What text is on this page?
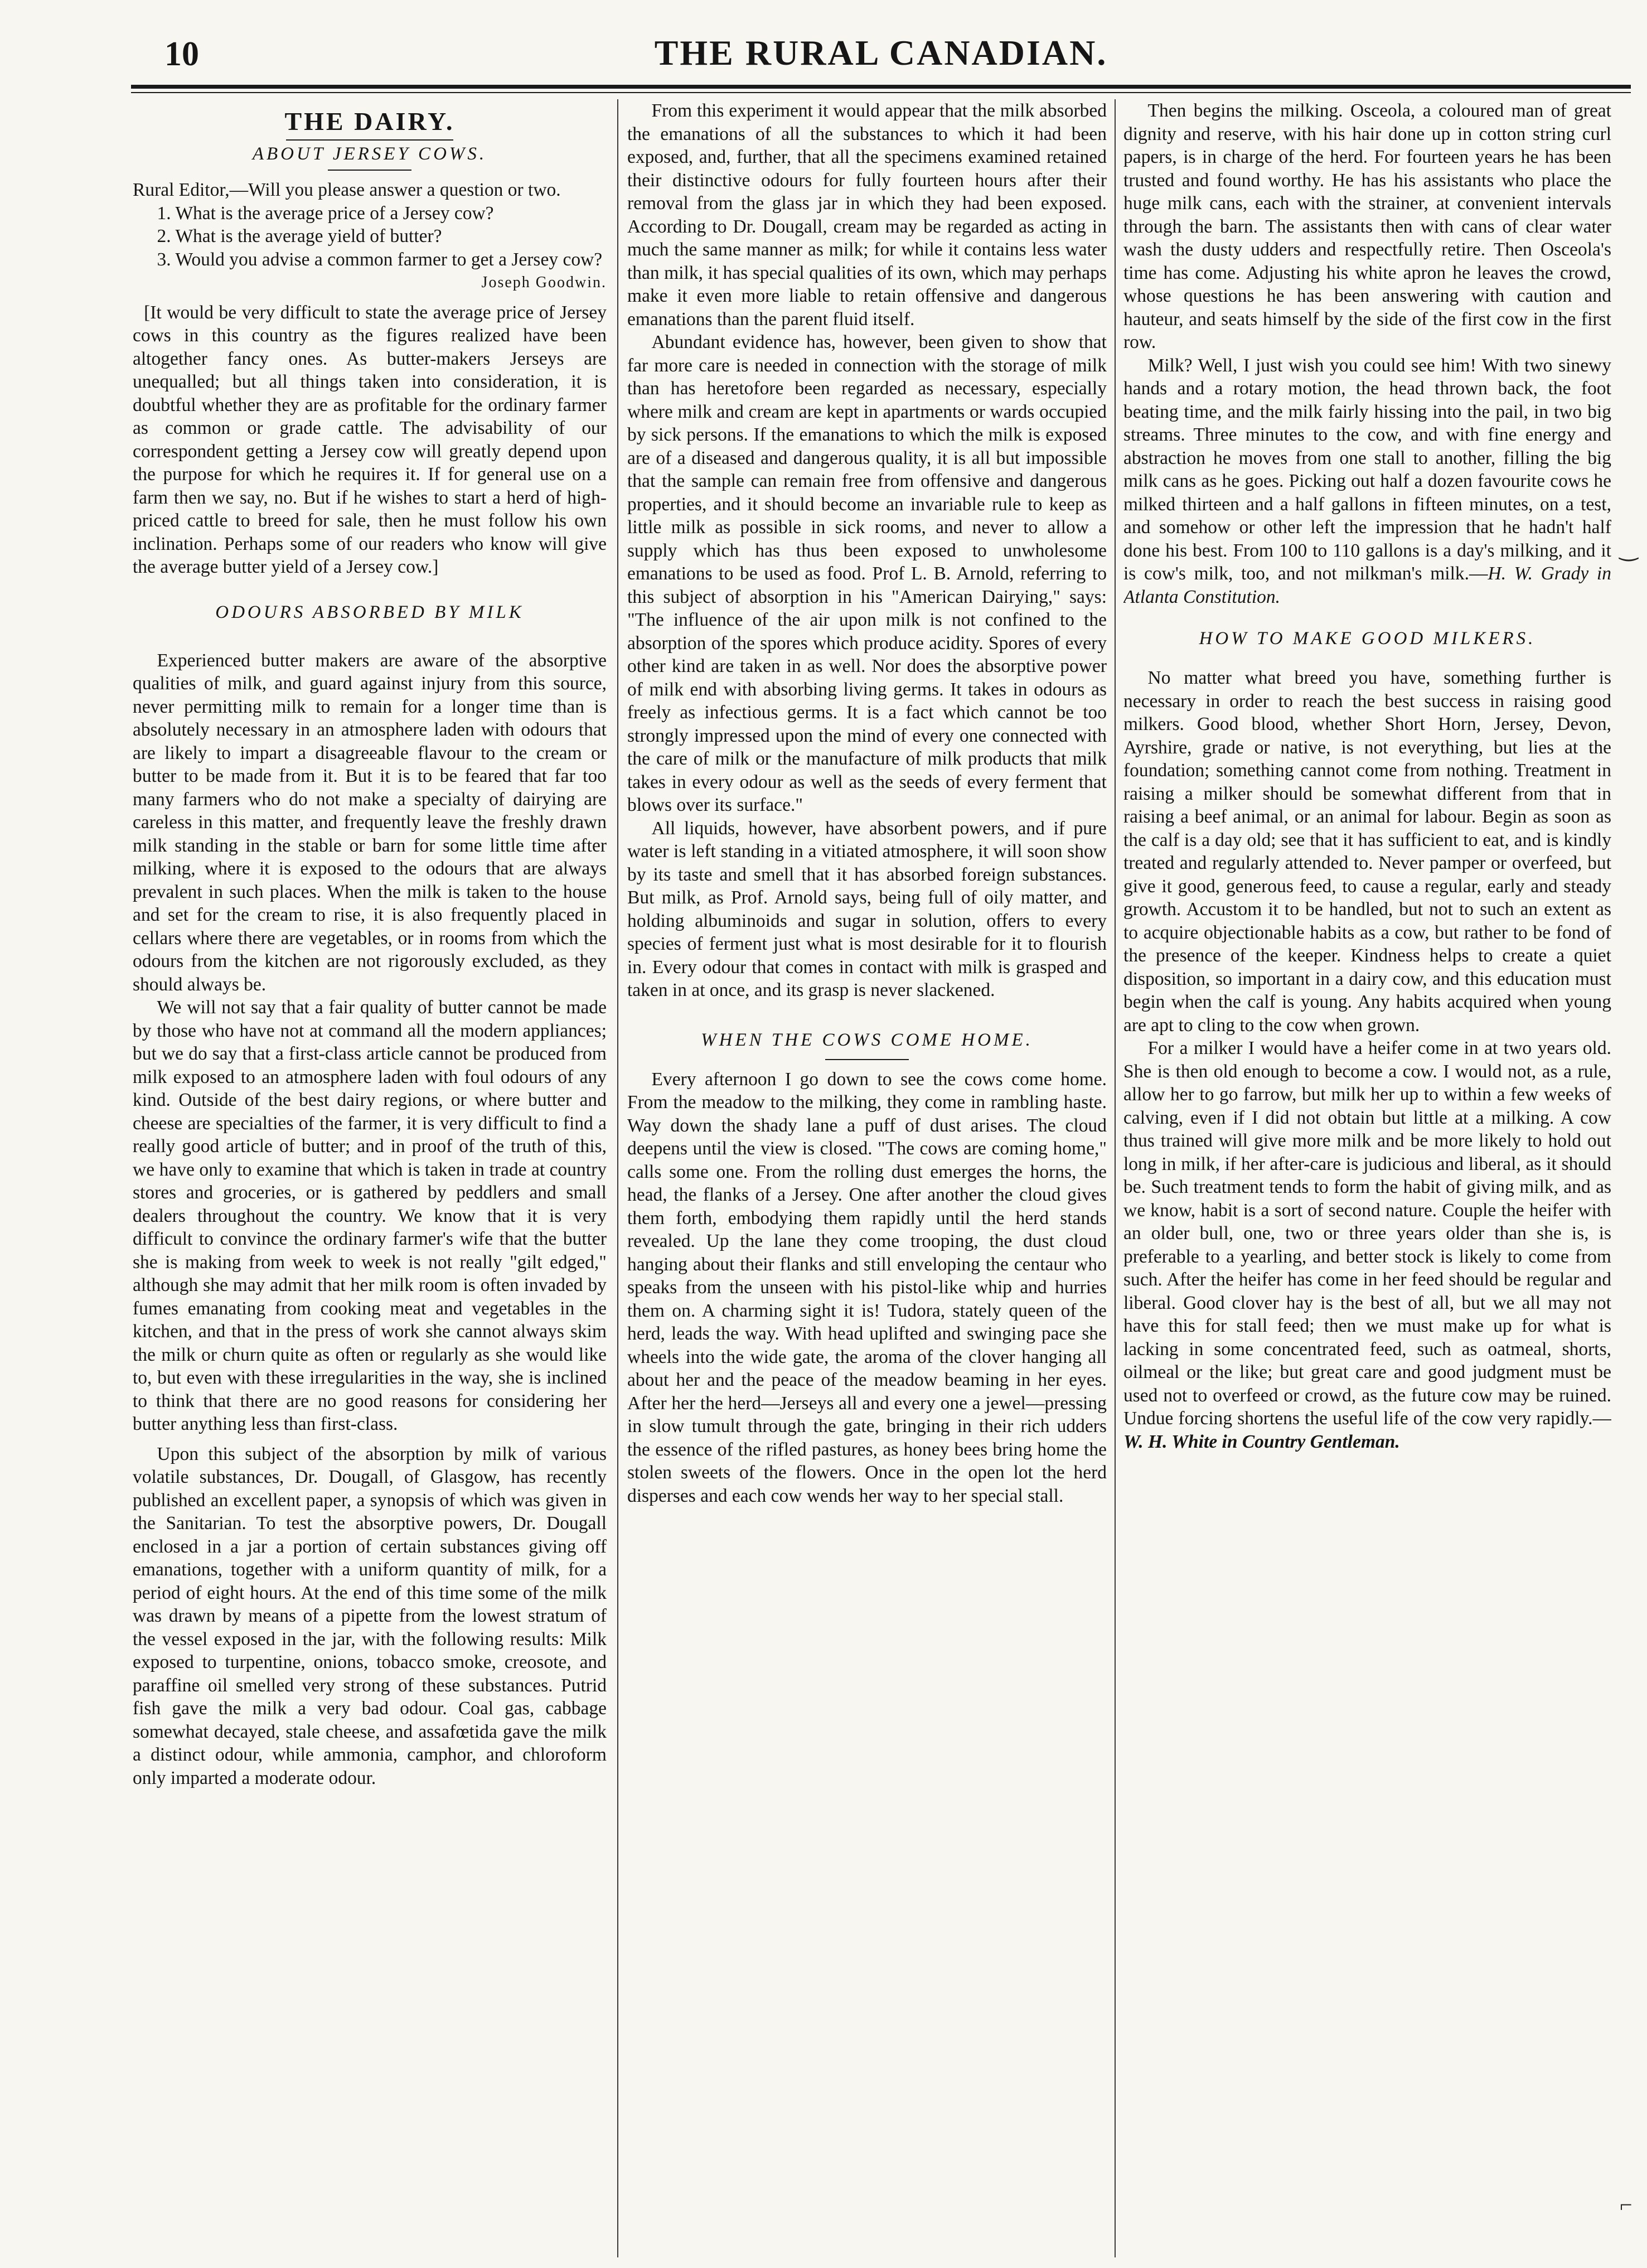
10	THE RURAL CANADIAN.
THE DAIRY.
ABOUT JERSEY COWS.

Rural Editor,—Will you please answer a question or two.

1. What is the average price of a Jersey cow?

2. What is the average yield of butter?

3. Would you advise a common farmer to get a Jersey cow?

Joseph Goodwin.

[It would be very difficult to state the average price of Jersey cows in this country as the figures realized have been altogether fancy ones. As butter-makers Jerseys are unequalled; but all things taken into consideration, it is doubtful whether they are as profitable for the ordinary farmer as common or grade cattle. The advisability of our correspondent getting a Jersey cow will greatly depend upon the purpose for which he requires it. If for general use on a farm then we say, no. But if he wishes to start a herd of high-priced cattle to breed for sale, then he must follow his own inclination. Perhaps some of our readers who know will give the average butter yield of a Jersey cow.]

ODOURS ABSORBED BY MILK

Experienced butter makers are aware of the absorptive qualities of milk, and guard against injury from this source, never permitting milk to remain for a longer time than is absolutely necessary in an atmosphere laden with odours that are likely to impart a disagreeable flavour to the cream or butter to be made from it. But it is to be feared that far too many farmers who do not make a specialty of dairying are careless in this matter, and frequently leave the freshly drawn milk standing in the stable or barn for some little time after milking, where it is exposed to the odours that are always prevalent in such places. When the milk is taken to the house and set for the cream to rise, it is also frequently placed in cellars where there are vegetables, or in rooms from which the odours from the kitchen are not rigorously excluded, as they should always be.

We will not say that a fair quality of butter cannot be made by those who have not at command all the modern appliances; but we do say that a first-class article cannot be produced from milk exposed to an atmosphere laden with foul odours of any kind. Outside of the best dairy regions, or where butter and cheese are specialties of the farmer, it is very difficult to find a really good article of butter; and in proof of the truth of this, we have only to examine that which is taken in trade at country stores and groceries, or is gathered by peddlers and small dealers throughout the country. We know that it is very difficult to convince the ordinary farmer's wife that the butter she is making from week to week is not really "gilt edged," although she may admit that her milk room is often invaded by fumes emanating from cooking meat and vegetables in the kitchen, and that in the press of work she cannot always skim the milk or churn quite as often or regularly as she would like to, but even with these irregularities in the way, she is inclined to think that there are no good reasons for considering her butter anything less than first-class.

Upon this subject of the absorption by milk of various volatile substances, Dr. Dougall, of Glasgow, has recently published an excellent paper, a synopsis of which was given in the Sanitarian. To test the absorptive powers, Dr. Dougall enclosed in a jar a portion of certain substances giving off emanations, together with a uniform quantity of milk, for a period of eight hours. At the end of this time some of the milk was drawn by means of a pipette from the lowest stratum of the vessel exposed in the jar, with the following results: Milk exposed to turpentine, onions, tobacco smoke, creosote, and paraffine oil smelled very strong of these substances. Putrid fish gave the milk a very bad odour. Coal gas, cabbage somewhat decayed, stale cheese, and assafœtida gave the milk a distinct odour, while ammonia, camphor, and chloroform only imparted a moderate odour.

From this experiment it would appear that the milk absorbed the emanations of all the substances to which it had been exposed, and, further, that all the specimens examined retained their distinctive odours for fully fourteen hours after their removal from the glass jar in which they had been exposed. According to Dr. Dougall, cream may be regarded as acting in much the same manner as milk; for while it contains less water than milk, it has special qualities of its own, which may perhaps make it even more liable to retain offensive and dangerous emanations than the parent fluid itself.

Abundant evidence has, however, been given to show that far more care is needed in connection with the storage of milk than has heretofore been regarded as necessary, especially where milk and cream are kept in apartments or wards occupied by sick persons. If the emanations to which the milk is exposed are of a diseased and dangerous quality, it is all but impossible that the sample can remain free from offensive and dangerous properties, and it should become an invariable rule to keep as little milk as possible in sick rooms, and never to allow a supply which has thus been exposed to unwholesome emanations to be used as food. Prof L. B. Arnold, referring to this subject of absorption in his "American Dairying," says: "The influence of the air upon milk is not confined to the absorption of the spores which produce acidity. Spores of every other kind are taken in as well. Nor does the absorptive power of milk end with absorbing living germs. It takes in odours as freely as infectious germs. It is a fact which cannot be too strongly impressed upon the mind of every one connected with the care of milk or the manufacture of milk products that milk takes in every odour as well as the seeds of every ferment that blows over its surface."

All liquids, however, have absorbent powers, and if pure water is left standing in a vitiated atmosphere, it will soon show by its taste and smell that it has absorbed foreign substances. But milk, as Prof. Arnold says, being full of oily matter, and holding albuminoids and sugar in solution, offers to every species of ferment just what is most desirable for it to flourish in. Every odour that comes in contact with milk is grasped and taken in at once, and its grasp is never slackened.

WHEN THE COWS COME HOME.

Every afternoon I go down to see the cows come home. From the meadow to the milking, they come in rambling haste. Way down the shady lane a puff of dust arises. The cloud deepens until the view is closed. "The cows are coming home," calls some one. From the rolling dust emerges the horns, the head, the flanks of a Jersey. One after another the cloud gives them forth, embodying them rapidly until the herd stands revealed. Up the lane they come trooping, the dust cloud hanging about their flanks and still enveloping the centaur who speaks from the unseen with his pistol-like whip and hurries them on. A charming sight it is! Tudora, stately queen of the herd, leads the way. With head uplifted and swinging pace she wheels into the wide gate, the aroma of the clover hanging all about her and the peace of the meadow beaming in her eyes. After her the herd—Jerseys all and every one a jewel—pressing in slow tumult through the gate, bringing in their rich udders the essence of the rifled pastures, as honey bees bring home the stolen sweets of the flowers. Once in the open lot the herd disperses and each cow wends her way to her special stall.

Then begins the milking. Osceola, a coloured man of great dignity and reserve, with his hair done up in cotton string curl papers, is in charge of the herd. For fourteen years he has been trusted and found worthy. He has his assistants who place the huge milk cans, each with the strainer, at convenient intervals through the barn. The assistants then with cans of clear water wash the dusty udders and respectfully retire. Then Osceola's time has come. Adjusting his white apron he leaves the crowd, whose questions he has been answering with caution and hauteur, and seats himself by the side of the first cow in the first row.

Milk? Well, I just wish you could see him! With two sinewy hands and a rotary motion, the head thrown back, the foot beating time, and the milk fairly hissing into the pail, in two big streams. Three minutes to the cow, and with fine energy and abstraction he moves from one stall to another, filling the big milk cans as he goes. Picking out half a dozen favourite cows he milked thirteen and a half gallons in fifteen minutes, on a test, and somehow or other left the impression that he hadn't half done his best. From 100 to 110 gallons is a day's milking, and it is cow's milk, too, and not milkman's milk.—H. W. Grady in Atlanta Constitution.

HOW TO MAKE GOOD MILKERS.

No matter what breed you have, something further is necessary in order to reach the best success in raising good milkers. Good blood, whether Short Horn, Jersey, Devon, Ayrshire, grade or native, is not everything, but lies at the foundation; something cannot come from nothing. Treatment in raising a milker should be somewhat different from that in raising a beef animal, or an animal for labour. Begin as soon as the calf is a day old; see that it has sufficient to eat, and is kindly treated and regularly attended to. Never pamper or overfeed, but give it good, generous feed, to cause a regular, early and steady growth. Accustom it to be handled, but not to such an extent as to acquire objectionable habits as a cow, but rather to be fond of the presence of the keeper. Kindness helps to create a quiet disposition, so important in a dairy cow, and this education must begin when the calf is young. Any habits acquired when young are apt to cling to the cow when grown.

For a milker I would have a heifer come in at two years old. She is then old enough to become a cow. I would not, as a rule, allow her to go farrow, but milk her up to within a few weeks of calving, even if I did not obtain but little at a milking. A cow thus trained will give more milk and be more likely to hold out long in milk, if her after-care is judicious and liberal, as it should be. Such treatment tends to form the habit of giving milk, and as we know, habit is a sort of second nature. Couple the heifer with an older bull, one, two or three years older than she is, is preferable to a yearling, and better stock is likely to come from such. After the heifer has come in her feed should be regular and liberal. Good clover hay is the best of all, but we all may not have this for stall feed; then we must make up for what is lacking in some concentrated feed, such as oatmeal, shorts, oilmeal or the like; but great care and good judgment must be used not to overfeed or crowd, as the future cow may be ruined. Undue forcing shortens the useful life of the cow very rapidly.—W. H. White in Country Gentleman.

‿
⌐
